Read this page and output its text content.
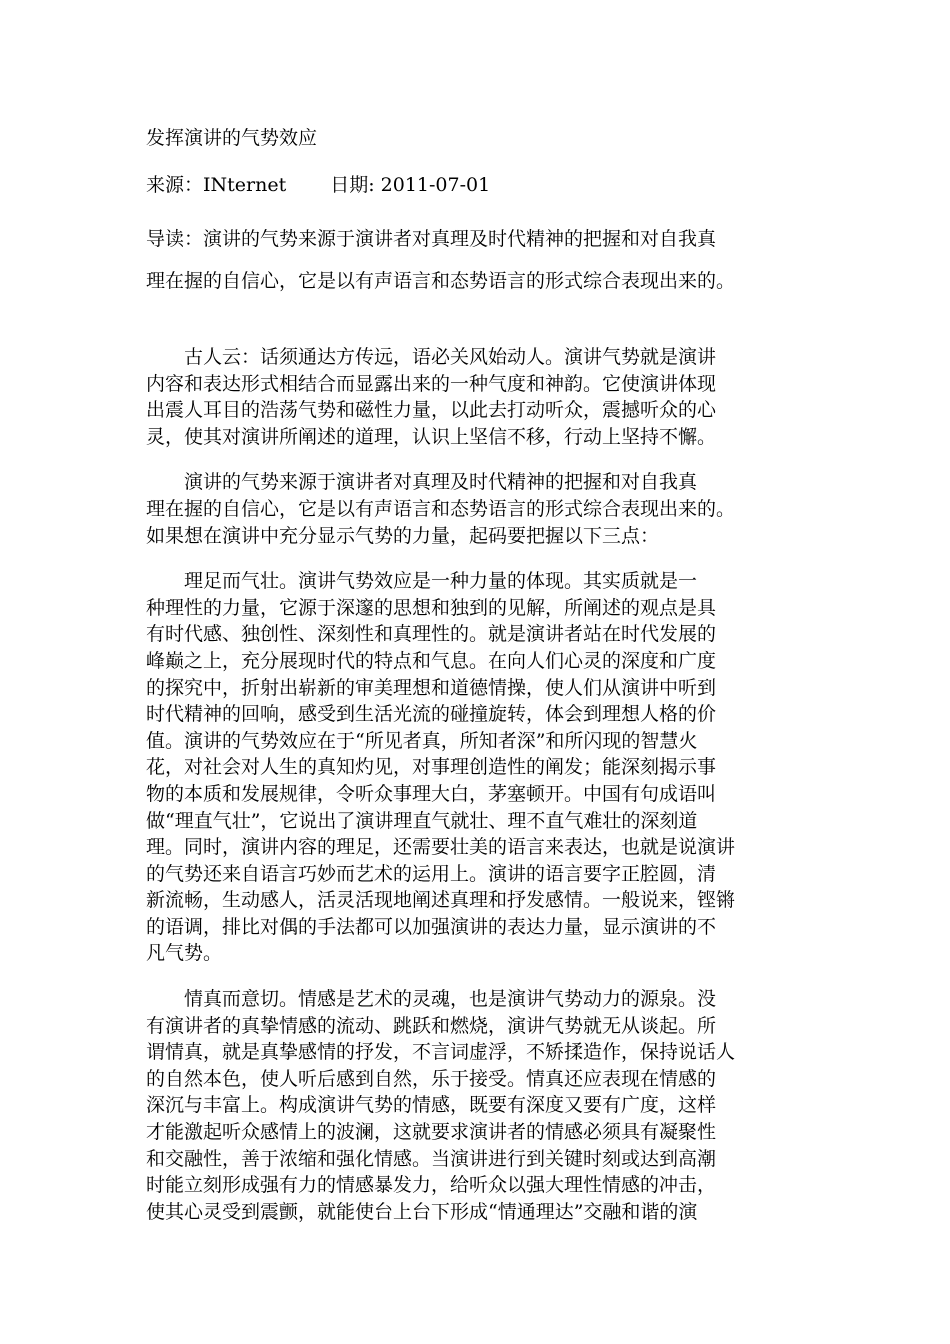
发挥演讲的气势效应
来源：INternet 日期: 2011-07-01

导读：演讲的气势来源于演讲者对真理及时代精神的把握和对自我真

理在握的自信心，它是以有声语言和态势语言的形式综合表现出来的。

　　古人云：话须通达方传远，语必关风始动人。演讲气势就是演讲
内容和表达形式相结合而显露出来的一种气度和神韵。它使演讲体现
出震人耳目的浩荡气势和磁性力量，以此去打动听众，震撼听众的心
灵，使其对演讲所阐述的道理，认识上坚信不移，行动上坚持不懈。

　　演讲的气势来源于演讲者对真理及时代精神的把握和对自我真
理在握的自信心，它是以有声语言和态势语言的形式综合表现出来的。
如果想在演讲中充分显示气势的力量，起码要把握以下三点：

　　理足而气壮。演讲气势效应是一种力量的体现。其实质就是一
种理性的力量，它源于深邃的思想和独到的见解，所阐述的观点是具
有时代感、独创性、深刻性和真理性的。就是演讲者站在时代发展的
峰巅之上，充分展现时代的特点和气息。在向人们心灵的深度和广度
的探究中，折射出崭新的审美理想和道德情操，使人们从演讲中听到
时代精神的回响，感受到生活光流的碰撞旋转，体会到理想人格的价
值。演讲的气势效应在于“所见者真，所知者深”和所闪现的智慧火
花，对社会对人生的真知灼见，对事理创造性的阐发；能深刻揭示事
物的本质和发展规律，令听众事理大白，茅塞顿开。中国有句成语叫
做“理直气壮”，它说出了演讲理直气就壮、理不直气难壮的深刻道
理。同时，演讲内容的理足，还需要壮美的语言来表达，也就是说演讲
的气势还来自语言巧妙而艺术的运用上。演讲的语言要字正腔圆，清
新流畅，生动感人，活灵活现地阐述真理和抒发感情。一般说来，铿锵
的语调，排比对偶的手法都可以加强演讲的表达力量，显示演讲的不
凡气势。

　　情真而意切。情感是艺术的灵魂，也是演讲气势动力的源泉。没
有演讲者的真挚情感的流动、跳跃和燃烧，演讲气势就无从谈起。所
谓情真，就是真挚感情的抒发，不言词虚浮，不矫揉造作，保持说话人
的自然本色，使人听后感到自然，乐于接受。情真还应表现在情感的
深沉与丰富上。构成演讲气势的情感，既要有深度又要有广度，这样
才能激起听众感情上的波澜，这就要求演讲者的情感必须具有凝聚性
和交融性，善于浓缩和强化情感。当演讲进行到关键时刻或达到高潮
时能立刻形成强有力的情感暴发力，给听众以强大理性情感的冲击，
使其心灵受到震颤，就能使台上台下形成“情通理达”交融和谐的演
